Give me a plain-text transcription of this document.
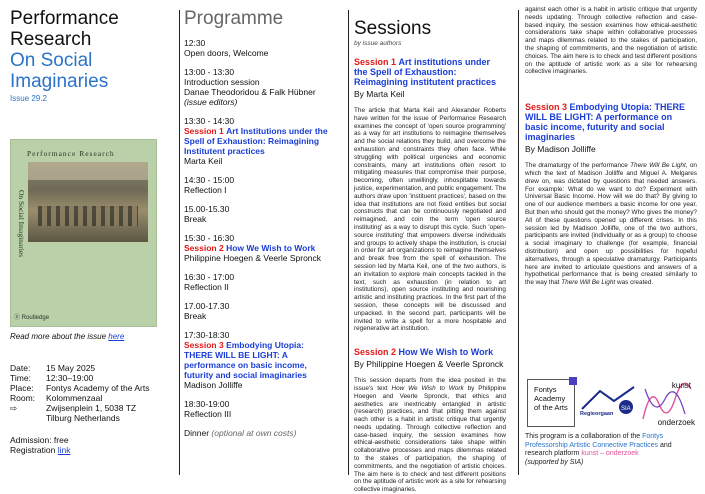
Performance
Research
On Social
Imaginaries
Issue 29.2
Performance Research
On Social Imaginaries
Ⓡ Routledge
Read more about the issue here
Date:	15 May 2025
Time:	12:30–19:00
Place:	Fontys Academy of the Arts
Room:	Kolommenzaal
⇨	Zwijsenplein 1, 5038 TZ
	Tilburg Netherlands
Admission: free
Registration link
Programme
12:30
Open doors, Welcome
13:00 - 13:30
Introduction session
Danae Theodoridou & Falk Hübner
(issue editors)
13:30 - 14:30
Session 1 Art Institutions under the Spell of Exhaustion: Reimagining Institutent practices
Marta Keil
14:30 - 15:00
Reflection I
15.00-15.30
Break
15:30 - 16:30
Session 2 How We Wish to Work
Philippine Hoegen & Veerle Spronck
16:30 - 17:00
Reflection II
17.00-17.30
Break
17:30-18:30
Session 3 Embodying Utopia: THERE WILL BE LIGHT: A performance on basic income, futurity and social imaginaries
Madison Jolliffe
18:30-19:00
Reflection III
Dinner (optional at own costs)
Sessions
by issue authors
Session 1 Art institutions under the Spell of Exhaustion: Reimagining institutent practices
By Marta Keil
The article that Marta Keil and Alexander Roberts have written for the issue of Performance Research examines the concept of 'open source programming' as a way for art institutions to reimagine themselves and the social relations they build, and overcome the exhaustion and constraints they often face. While struggling with political urgencies and economic constraints, many art institutions often resort to mitigating measures that compromise their purpose, becoming, often unwillingly, inhospitable towards justice, experimentation, and public engagement. The authors draw upon 'instituent practices', based on the idea that institutions are not fixed entities but social constructs that can be continuously negotiated and reimagined, and coin the term 'open source instituting' as a way to disrupt this cycle. Such 'open-source instituting' that empowers diverse individuals and groups to actively shape the institution, is crucial in order for art organizations to reimagine themselves and break free from the spell of exhaustion. The session led by Marta Keil, one of the two authors, is an invitation to explore main concepts tackled in the text, such as exhaustion (in relation to art institutions), open source instituting and nourishing artistic and instituting practices. In the first part of the session, these concepts will be discussed and unpacked. In the second part, participants will be invited to write a spell for a more hospitable and regenerative art institution.
Session 2 How We Wish to Work
By Philippine Hoegen & Veerle Spronck
This session departs from the idea posited in the issue's text How We Wish to Work by Philippine Hoegen and Veerle Spronck, that ethics and aesthetics are inextricably entangled in artistic (research) practices, and that pitting them against each other is a habit in artistic critique that urgently needs updating. Through collective reflection and case-based inquiry, the session examines how ethical-aesthetic considerations take shape within collaborative processes and maps dilemmas related to the stakes of participation, the shaping of commitments, and the negotiation of artistic choices. The aim here is to check and test different positions on the aptitude of artistic work as a site for rehearsing collective imaginaries.
against each other is a habit in artistic critique that urgently needs updating. Through collective reflection and case-based inquiry, the session examines how ethical-aesthetic considerations take shape within collaborative processes and maps dilemmas related to the stakes of participation, the shaping of commitments, and the negotiation of artistic choices. The aim here is to check and test different positions on the aptitude of artistic work as a site for rehearsing collective imaginaries.
Session 3 Embodying Utopia: THERE WILL BE LIGHT: A performance on basic income, futurity and social imaginaries
By Madison Jolliffe
The dramaturgy of the performance There Will Be Light, on which the text of Madison Jolliffe and Miguel A. Melgares drew on, was dictated by questions that needed answers. For example: What do we want to do? Experiment with Universal Basic Income. How will we do that? By giving to one of our audience members a basic income for one year. But then who should get the money? Who gives the money? All of these questions opened up different crises. In this session led by Madison Jolliffe, one of the two authors, participants are invited (individually or as a group) to choose a social imaginary to challenge (for example, financial distribution) and open up possibilities for hopeful alternatives, through a speculative dramaturgy. Participants here are invited to articulate questions and answers of a hypothetical performance that is being created similarly to the way that There Will Be Light was created.
Fontys
Academy
of the Arts	SIA
Regieorgaan
kunst
onderzoek
This program is a collaboration of the Fontys Professorship Artistic Connective Practices and research platform kunst – onderzoek
(supported by SIA)
